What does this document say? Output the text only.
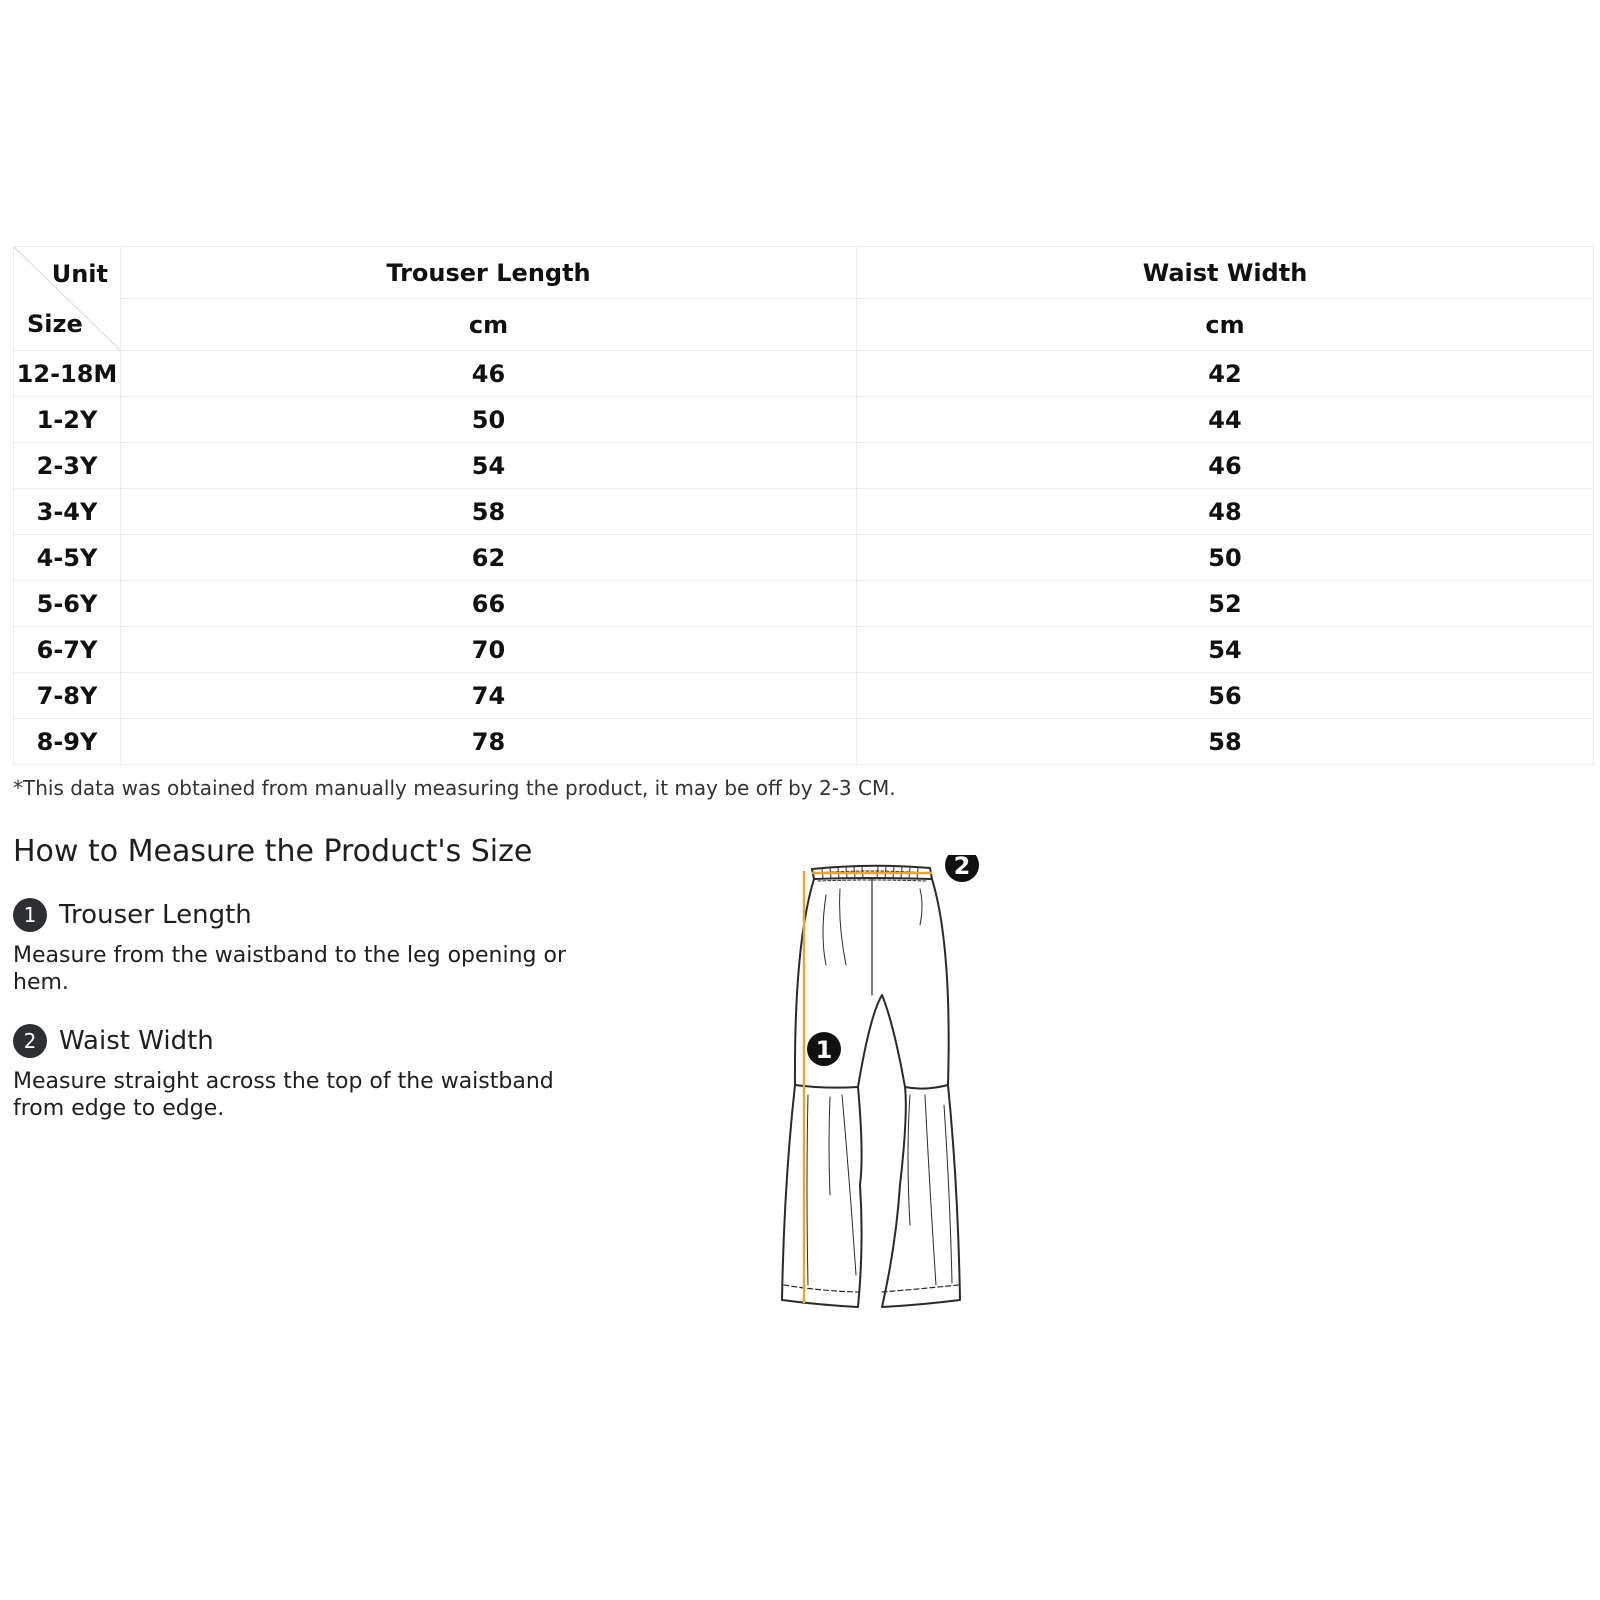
Unit
Size	Trouser Length	Waist Width
	cm	cm
12-18M	46	42
1-2Y	50	44
2-3Y	54	46
3-4Y	58	48
4-5Y	62	50
5-6Y	66	52
6-7Y	70	54
7-8Y	74	56
8-9Y	78	58
*This data was obtained from manually measuring the product, it may be off by 2-3 CM.
How to Measure the Product's Size
1 Trouser Length
Measure from the waistband to the leg opening or hem.
2 Waist Width
Measure straight across the top of the waistband from edge to edge.
1
2
